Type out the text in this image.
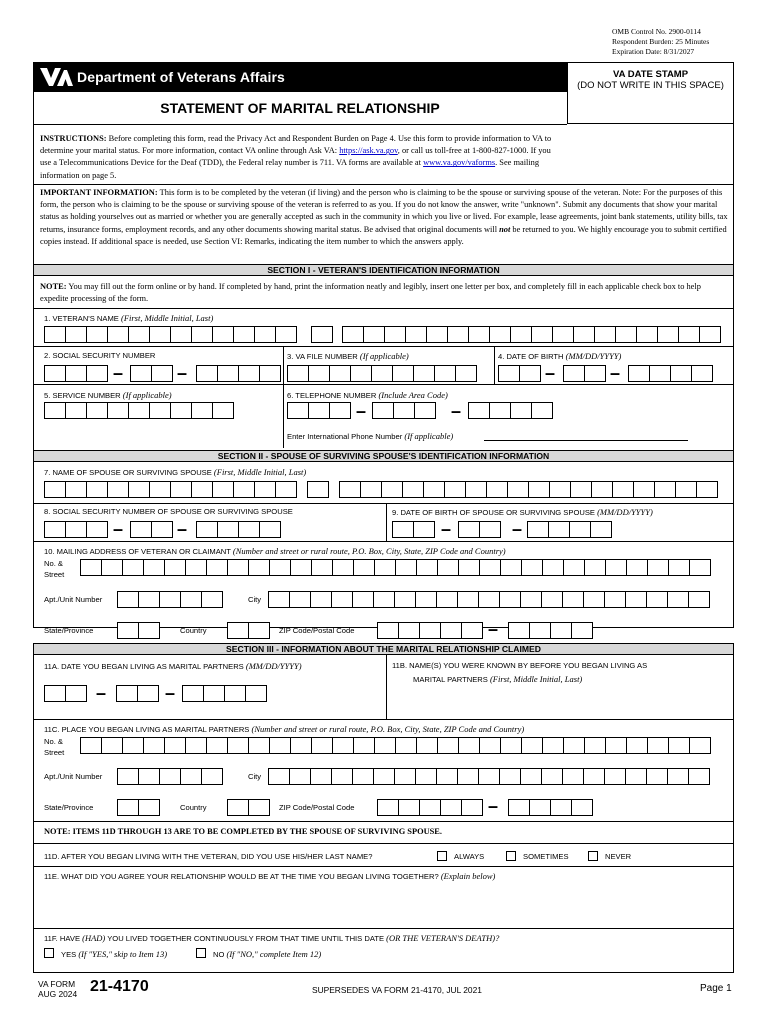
OMB Control No. 2900-0114
Respondent Burden: 25 Minutes
Expiration Date: 8/31/2027
Department of Veterans Affairs	VA DATE STAMP
(DO NOT WRITE IN THIS SPACE)
STATEMENT OF MARITAL RELATIONSHIP
INSTRUCTIONS: Before completing this form, read the Privacy Act and Respondent Burden on Page 4. Use this form to provide information to VA to determine your marital status. For more information, contact VA online through Ask VA: https://ask.va.gov, or call us toll-free at 1-800-827-1000. If you use a Telecommunications Device for the Deaf (TDD), the Federal relay number is 711. VA forms are available at www.va.gov/vaforms. See mailing information on page 5.
IMPORTANT INFORMATION: This form is to be completed by the veteran (if living) and the person who is claiming to be the spouse or surviving spouse of the veteran. Note: For the purposes of this form, the person who is claiming to be the spouse or surviving spouse of the veteran is referred to as you. If you do not know the answer, write "unknown". Submit any documents that show your marital status as holding yourselves out as married or whether you are generally accepted as such in the community in which you live or lived. For example, lease agreements, joint bank statements, utility bills, tax returns, insurance forms, employment records, and any other documents showing marital status. Be advised that original documents will not be returned to you. We highly encourage you to submit certified copies instead. If additional space is needed, use Section VI: Remarks, indicating the item number to which the answers apply.
SECTION I - VETERAN'S IDENTIFICATION INFORMATION
NOTE: You may fill out the form online or by hand. If completed by hand, print the information neatly and legibly, insert one letter per box, and completely fill in each applicable check box to help expedite processing of the form.
1. VETERAN'S NAME (First, Middle Initial, Last)
2. SOCIAL SECURITY NUMBER	3. VA FILE NUMBER (If applicable)	4. DATE OF BIRTH (MM/DD/YYYY)
–	–	–	–
5. SERVICE NUMBER (If applicable)	6. TELEPHONE NUMBER (Include Area Code)
–	–
Enter International Phone Number (If applicable)
SECTION II - SPOUSE OF SURVIVING SPOUSE'S IDENTIFICATION INFORMATION
7. NAME OF SPOUSE OR SURVIVING SPOUSE (First, Middle Initial, Last)
8. SOCIAL SECURITY NUMBER OF SPOUSE OR SURVIVING SPOUSE	9. DATE OF BIRTH OF SPOUSE OR SURVIVING SPOUSE (MM/DD/YYYY)
–	–	–	–
10. MAILING ADDRESS OF VETERAN OR CLAIMANT (Number and street or rural route, P.O. Box, City, State, ZIP Code and Country)
No. &
Street
Apt./Unit Number	City
State/Province	Country	ZIP Code/Postal Code	–
SECTION III - INFORMATION ABOUT THE MARITAL RELATIONSHIP CLAIMED
11A. DATE YOU BEGAN LIVING AS MARITAL PARTNERS (MM/DD/YYYY)	11B. NAME(S) YOU WERE KNOWN BY BEFORE YOU BEGAN LIVING AS
MARITAL PARTNERS (First, Middle Initial, Last)
–	–
11C. PLACE YOU BEGAN LIVING AS MARITAL PARTNERS (Number and street or rural route, P.O. Box, City, State, ZIP Code and Country)
No. &
Street
Apt./Unit Number	City
State/Province	Country	ZIP Code/Postal Code	–
NOTE: ITEMS 11D THROUGH 13 ARE TO BE COMPLETED BY THE SPOUSE OF SURVIVING SPOUSE.
11D. AFTER YOU BEGAN LIVING WITH THE VETERAN, DID YOU USE HIS/HER LAST NAME?	ALWAYS	SOMETIMES	NEVER
11E. WHAT DID YOU AGREE YOUR RELATIONSHIP WOULD BE AT THE TIME YOU BEGAN LIVING TOGETHER? (Explain below)
11F. HAVE (HAD) YOU LIVED TOGETHER CONTINUOUSLY FROM THAT TIME UNTIL THIS DATE (OR THE VETERAN'S DEATH)?
YES (If "YES," skip to Item 13)	NO (If "NO," complete Item 12)
VA FORM
AUG 2024 21-4170	SUPERSEDES VA FORM 21-4170, JUL 2021	Page 1
